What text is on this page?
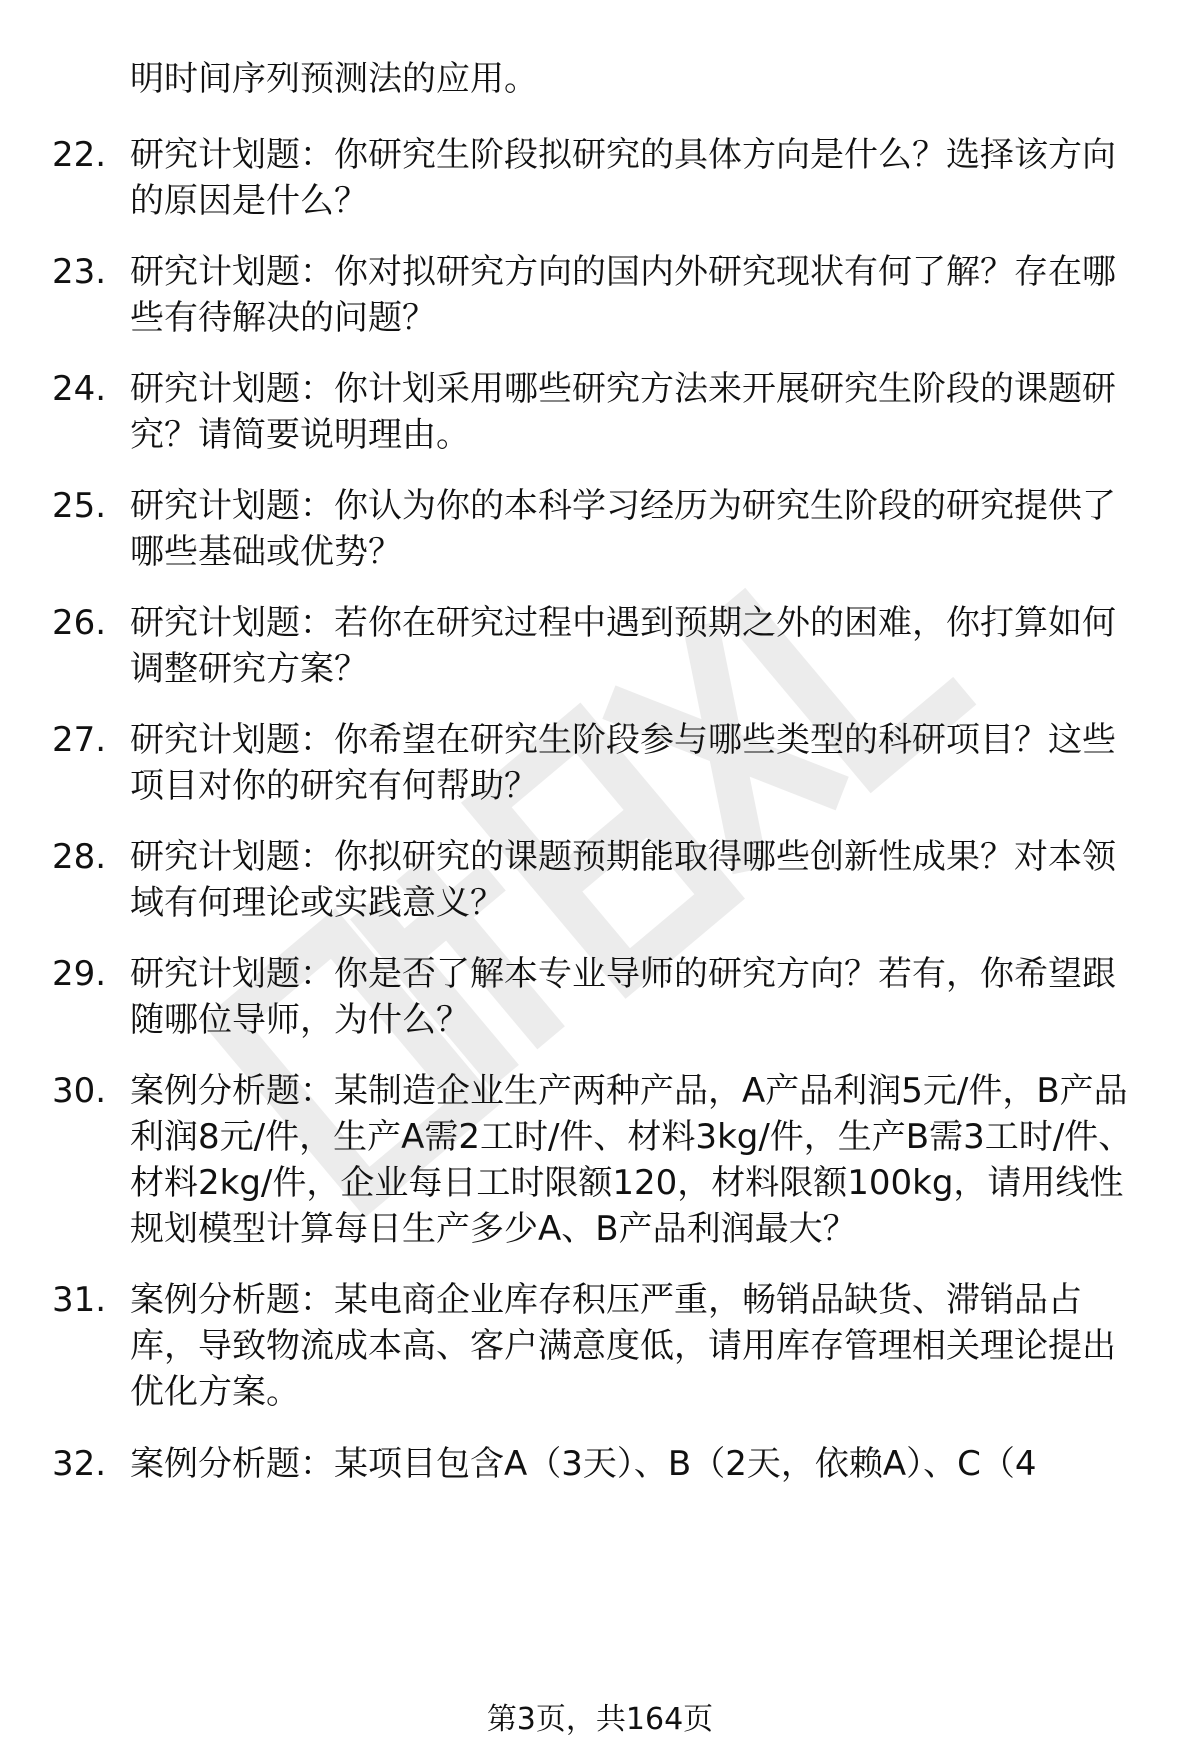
明时间序列预测法的应用。

22. 研究计划题：你研究生阶段拟研究的具体方向是什么？选择该方向的原因是什么？

23. 研究计划题：你对拟研究方向的国内外研究现状有何了解？存在哪些有待解决的问题？

24. 研究计划题：你计划采用哪些研究方法来开展研究生阶段的课题研究？请简要说明理由。

25. 研究计划题：你认为你的本科学习经历为研究生阶段的研究提供了哪些基础或优势？

26. 研究计划题：若你在研究过程中遇到预期之外的困难，你打算如何调整研究方案？

27. 研究计划题：你希望在研究生阶段参与哪些类型的科研项目？这些项目对你的研究有何帮助？

28. 研究计划题：你拟研究的课题预期能取得哪些创新性成果？对本领域有何理论或实践意义？

29. 研究计划题：你是否了解本专业导师的研究方向？若有，你希望跟随哪位导师，为什么？

30. 案例分析题：某制造企业生产两种产品，A产品利润5元/件，B产品利润8元/件，生产A需2工时/件、材料3kg/件，生产B需3工时/件、材料2kg/件，企业每日工时限额120，材料限额100kg，请用线性规划模型计算每日生产多少A、B产品利润最大？

31. 案例分析题：某电商企业库存积压严重，畅销品缺货、滞销品占库，导致物流成本高、客户满意度低，请用库存管理相关理论提出优化方案。

32. 案例分析题：某项目包含A（3天）、B（2天，依赖A）、C（4

第3页，共164页
